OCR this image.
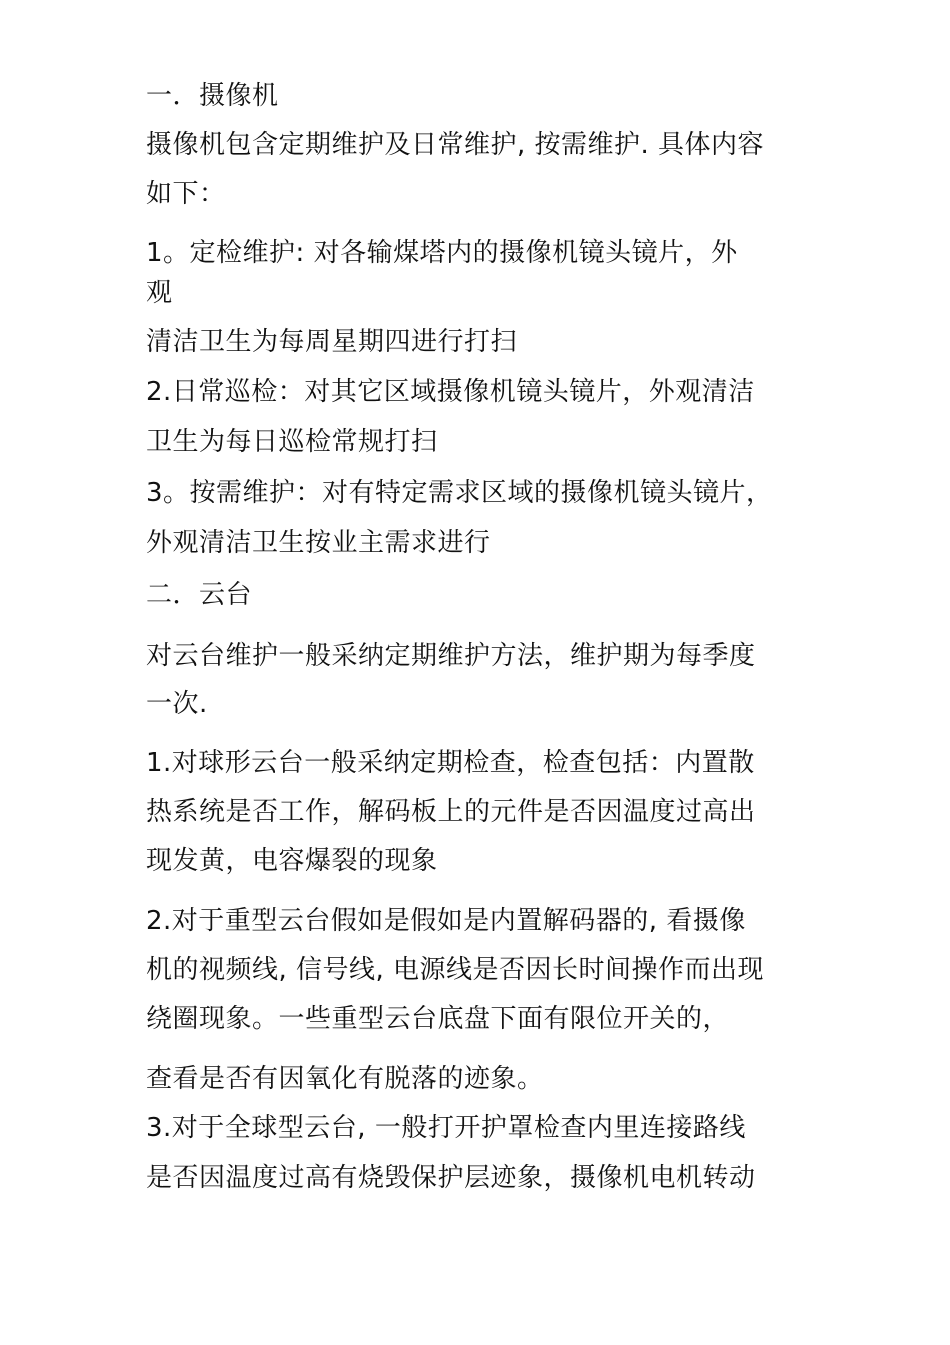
一．摄像机
摄像机包含定期维护及日常维护, 按需维护. 具体内容
如下：
1。定检维护: 对各输煤塔内的摄像机镜头镜片，外
观
清洁卫生为每周星期四进行打扫
2.日常巡检：对其它区域摄像机镜头镜片，外观清洁
卫生为每日巡检常规打扫
3。按需维护：对有特定需求区域的摄像机镜头镜片，
外观清洁卫生按业主需求进行
二．云台
对云台维护一般采纳定期维护方法，维护期为每季度
一次.
1.对球形云台一般采纳定期检查，检查包括：内置散
热系统是否工作，解码板上的元件是否因温度过高出
现发黄，电容爆裂的现象
2.对于重型云台假如是假如是内置解码器的, 看摄像
机的视频线, 信号线, 电源线是否因长时间操作而出现
绕圈现象。一些重型云台底盘下面有限位开关的，
查看是否有因氧化有脱落的迹象。
3.对于全球型云台, 一般打开护罩检查内里连接路线
是否因温度过高有烧毁保护层迹象，摄像机电机转动
